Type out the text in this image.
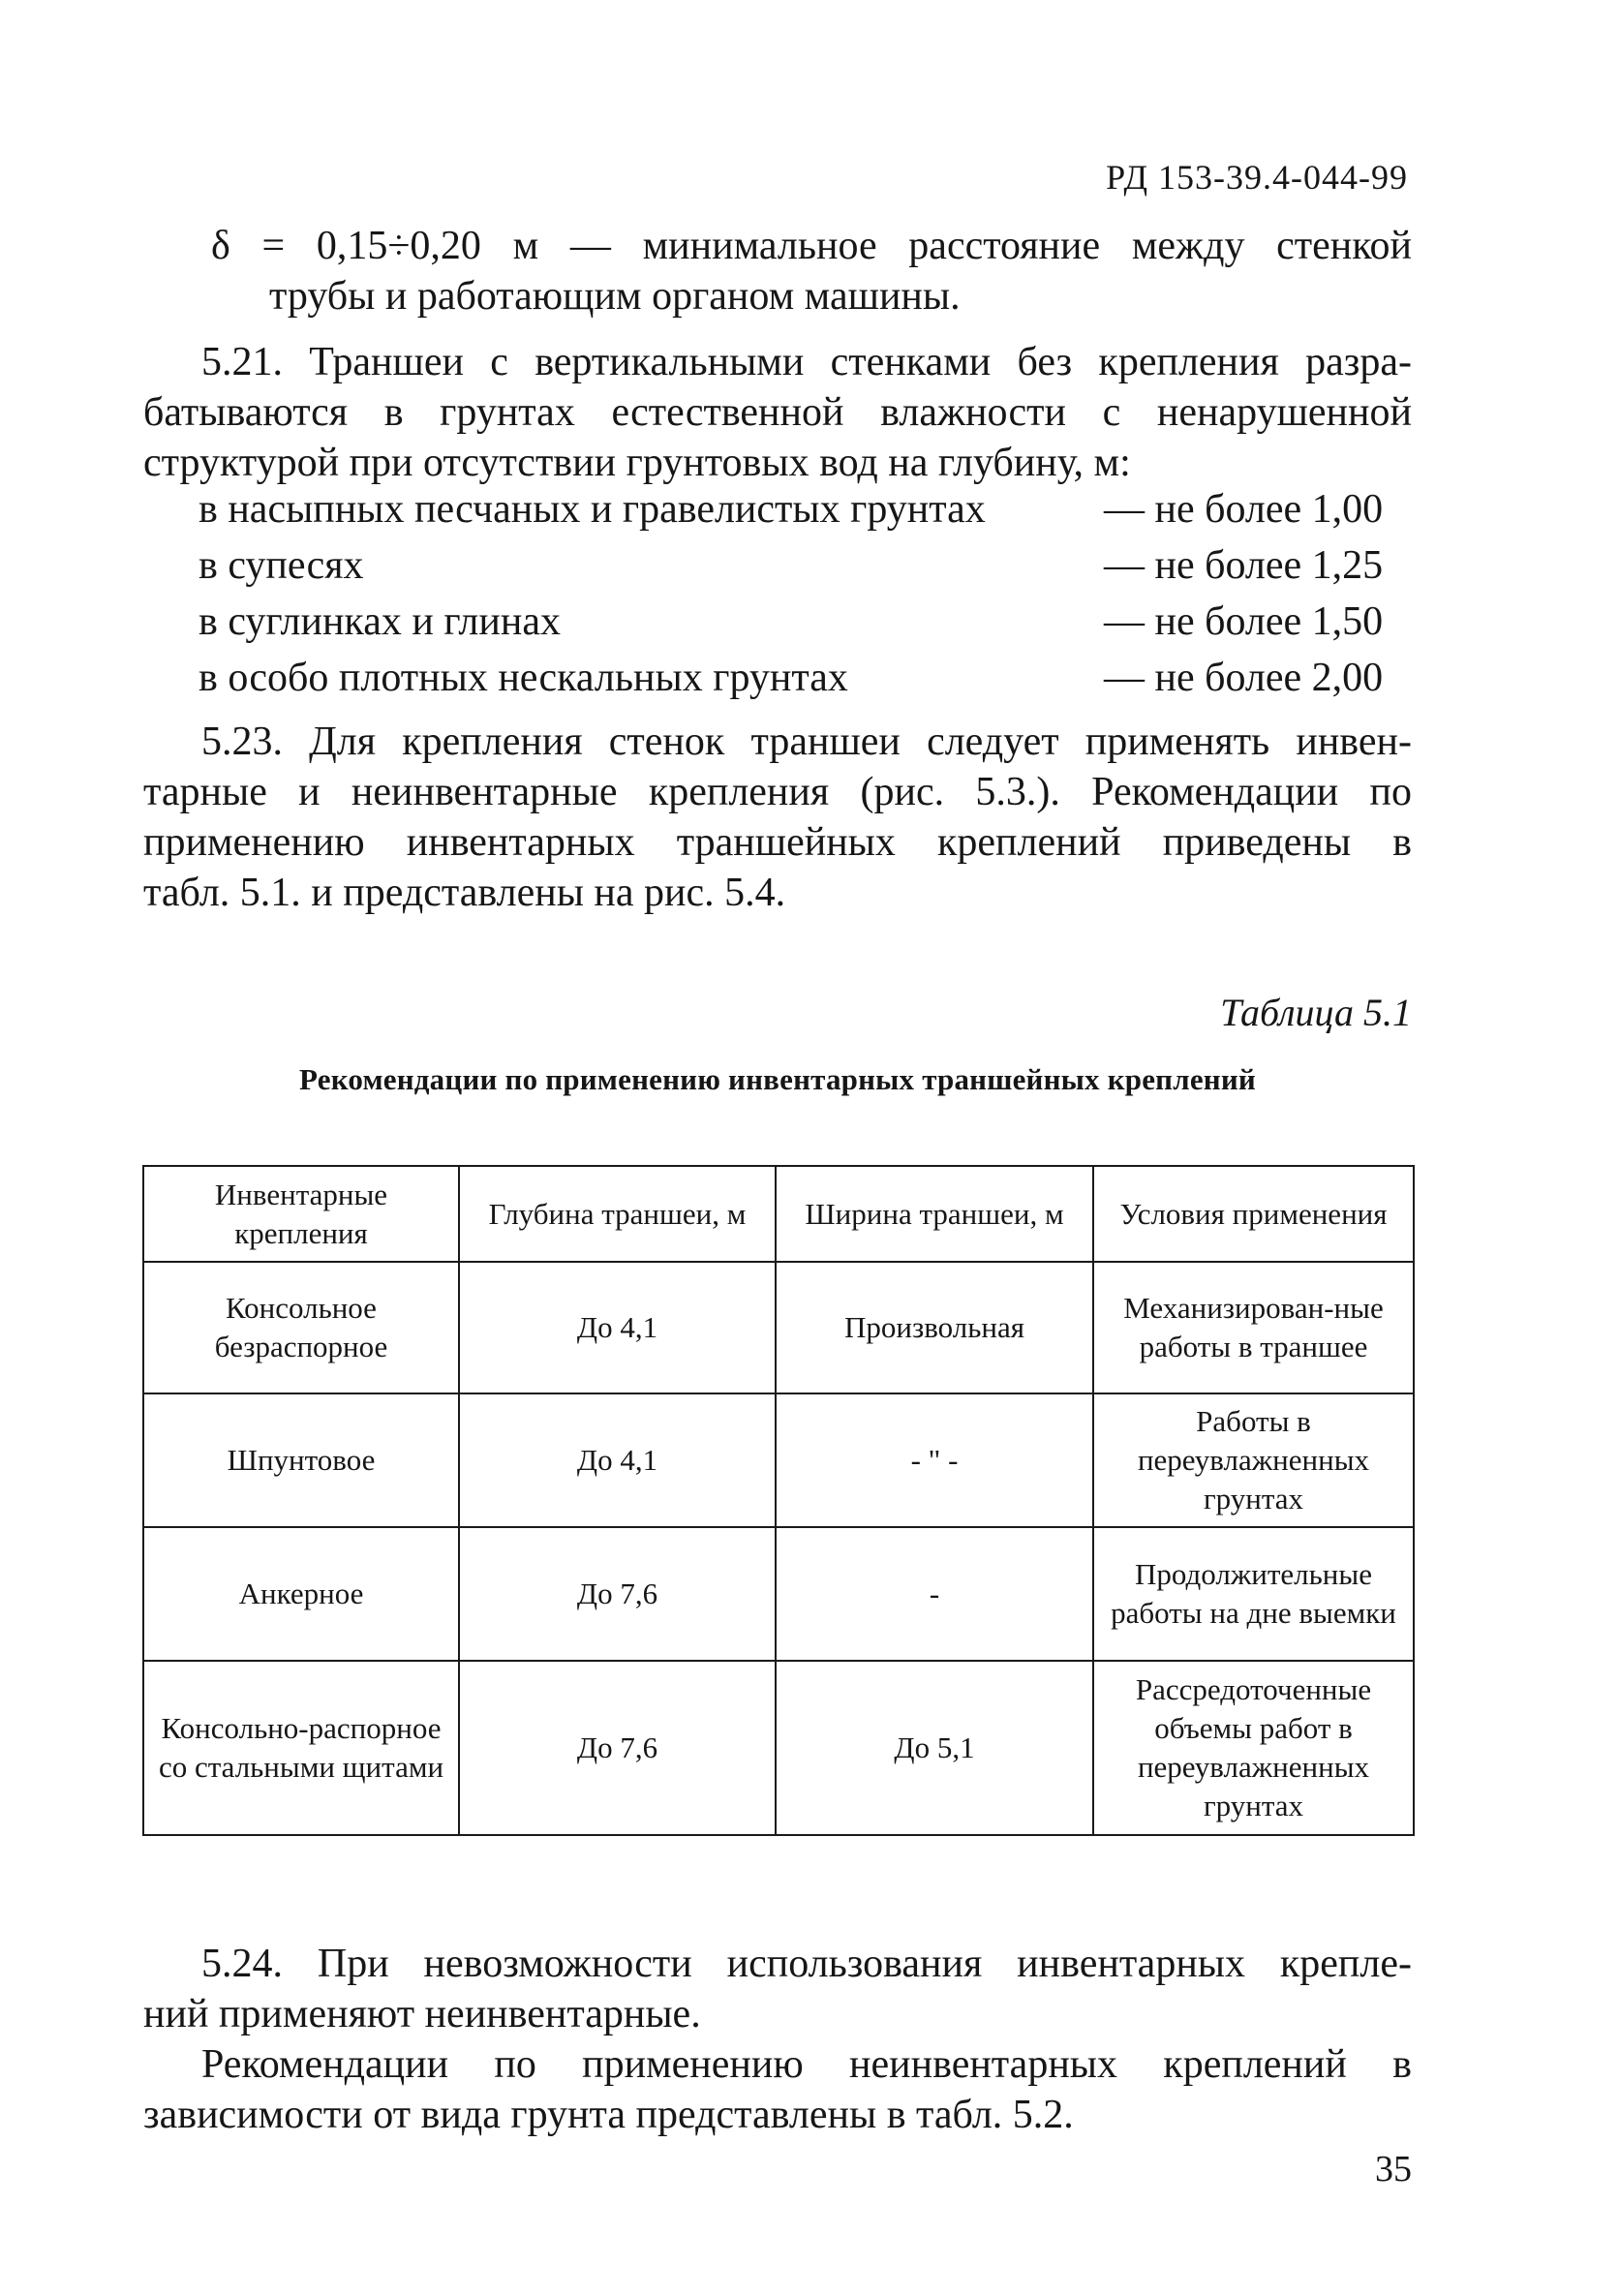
РД 153-39.4-044-99
δ = 0,15÷0,20 м — минимальное расстояние между стенкой
трубы и работающим органом машины.
5.21. Траншеи с вертикальными стенками без крепления разра-
батываются в грунтах естественной влажности с ненарушенной
структурой при отсутствии грунтовых вод на глубину, м:
в насыпных песчаных и гравелистых грунтах	— не более 1,00
в супесях	— не более 1,25
в суглинках и глинах	— не более 1,50
в особо плотных нескальных грунтах	— не более 2,00
5.23. Для крепления стенок траншеи следует применять инвен-
тарные и неинвентарные крепления (рис. 5.3.). Рекомендации по
применению инвентарных траншейных креплений приведены в
табл. 5.1. и представлены на рис. 5.4.
Таблица 5.1
Рекомендации по применению инвентарных траншейных креплений
Инвентарные крепления	Глубина траншеи, м	Ширина траншеи, м	Условия применения
Консольное безраспорное	До 4,1	Произвольная	Механизирован-ные работы в траншее
Шпунтовое	До 4,1	- " -	Работы в переувлажненных грунтах
Анкерное	До 7,6	-	Продолжительные работы на дне выемки
Консольно-распорное со стальными щитами	До 7,6	До 5,1	Рассредоточенные объемы работ в переувлажненных грунтах
5.24. При невозможности использования инвентарных крепле-
ний применяют неинвентарные.
Рекомендации по применению неинвентарных креплений в
зависимости от вида грунта представлены в табл. 5.2.
35
